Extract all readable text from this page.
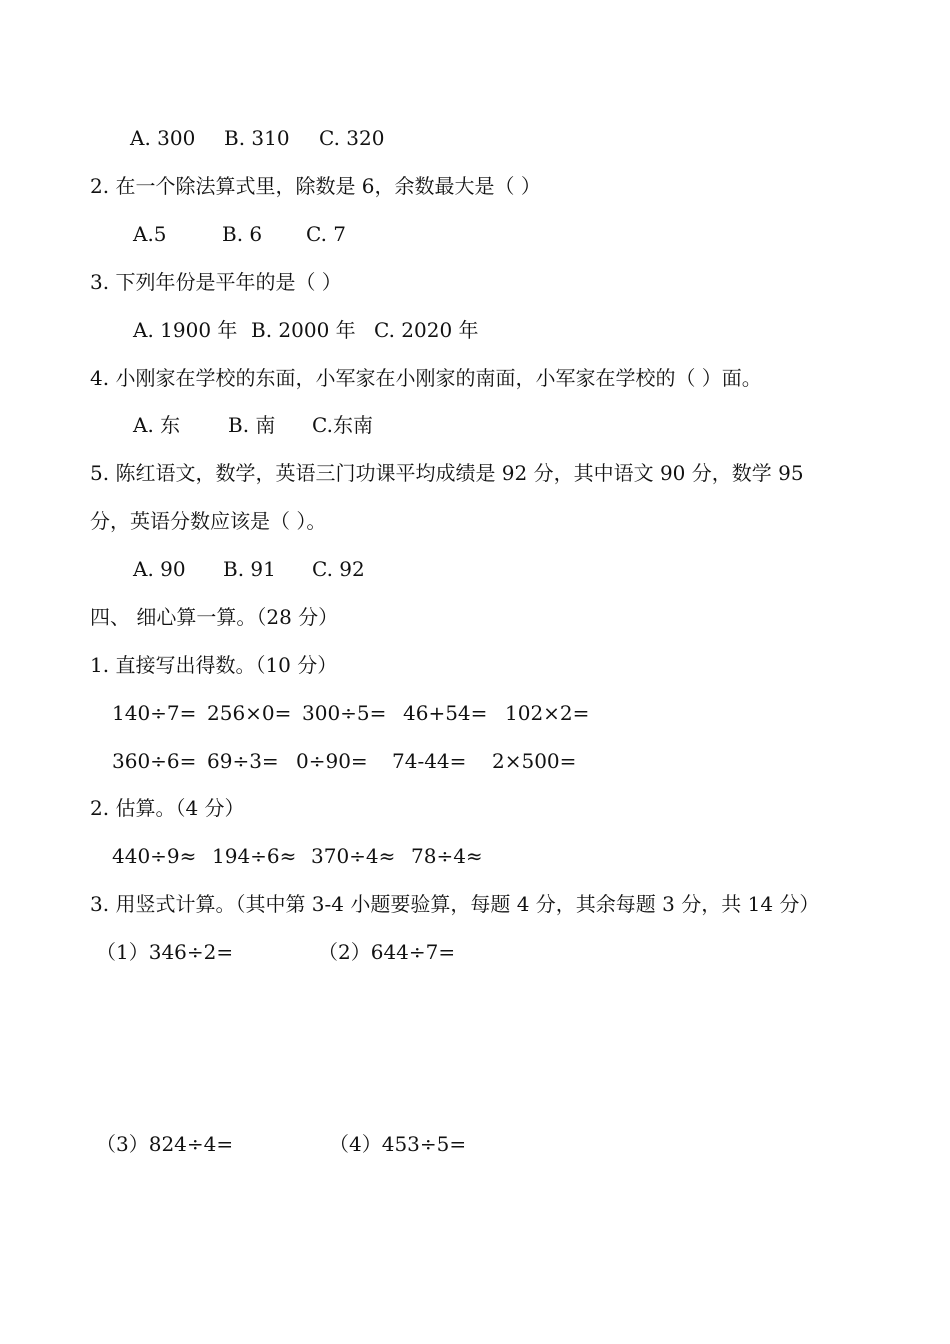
A. 300 B. 310 C. 320
2. 在一个除法算式里，除数是 6，余数最大是（ ）
A.5	B. 6 C. 7
3. 下列年份是平年的是（ ）
A. 1900 年 B. 2000 年 C. 2020 年
4. 小刚家在学校的东面，小军家在小刚家的南面，小军家在学校的（ ）面。
A. 东 B. 南 C.东南
5. 陈红语文，数学，英语三门功课平均成绩是 92 分，其中语文 90 分，数学 95
分，英语分数应该是（ ）。
A. 90 B. 91 C. 92
四、 细心算一算。（28 分）
1. 直接写出得数。（10 分）
140÷7= 256×0= 300÷5= 46+54= 102×2=
360÷6= 69÷3= 0÷90= 74-44= 2×500=
2. 估算。（4 分）
440÷9≈ 194÷6≈ 370÷4≈ 78÷4≈
3. 用竖式计算。（其中第 3-4 小题要验算，每题 4 分，其余每题 3 分，共 14 分）
（1）346÷2=	（2）644÷7=
（3）824÷4=	（4）453÷5=
